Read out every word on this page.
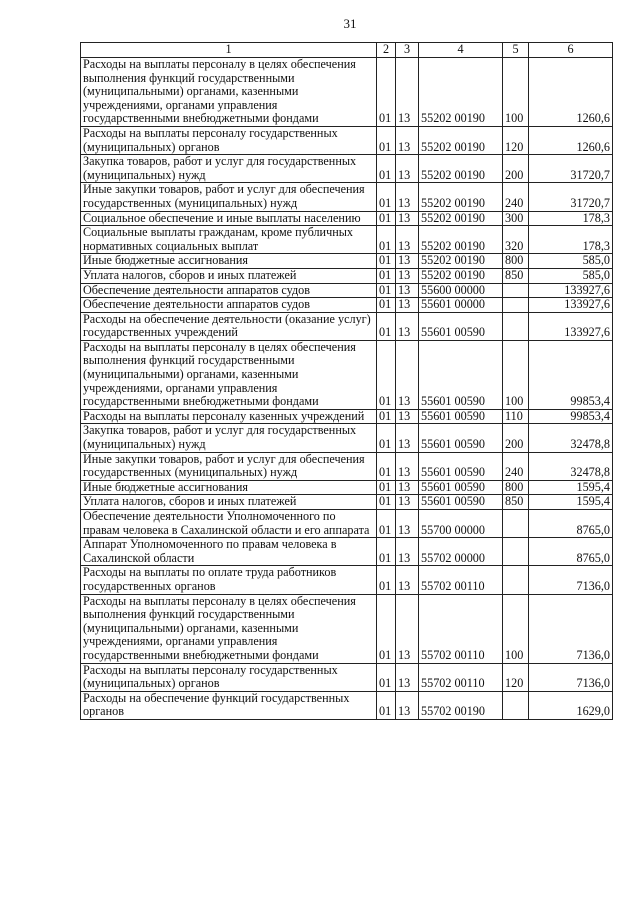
31
1	2	3	4	5	6
Расходы на выплаты персоналу в целях обеспечения выполнения функций государственными (муниципальными) органами, казенными учреждениями, органами управления государственными внебюджетными фондами	01	13	55202 00190	100	1260,6
Расходы на выплаты персоналу государственных (муниципальных) органов	01	13	55202 00190	120	1260,6
Закупка товаров, работ и услуг для государственных (муниципальных) нужд	01	13	55202 00190	200	31720,7
Иные закупки товаров, работ и услуг для обеспечения государственных (муниципальных) нужд	01	13	55202 00190	240	31720,7
Социальное обеспечение и иные выплаты населению	01	13	55202 00190	300	178,3
Социальные выплаты гражданам, кроме публичных нормативных социальных выплат	01	13	55202 00190	320	178,3
Иные бюджетные ассигнования	01	13	55202 00190	800	585,0
Уплата налогов, сборов и иных платежей	01	13	55202 00190	850	585,0
Обеспечение деятельности аппаратов судов	01	13	55600 00000		133927,6
Обеспечение деятельности аппаратов судов	01	13	55601 00000		133927,6
Расходы на обеспечение деятельности (оказание услуг) государственных учреждений	01	13	55601 00590		133927,6
Расходы на выплаты персоналу в целях обеспечения выполнения функций государственными (муниципальными) органами, казенными учреждениями, органами управления государственными внебюджетными фондами	01	13	55601 00590	100	99853,4
Расходы на выплаты персоналу казенных учреждений	01	13	55601 00590	110	99853,4
Закупка товаров, работ и услуг для государственных (муниципальных) нужд	01	13	55601 00590	200	32478,8
Иные закупки товаров, работ и услуг для обеспечения государственных (муниципальных) нужд	01	13	55601 00590	240	32478,8
Иные бюджетные ассигнования	01	13	55601 00590	800	1595,4
Уплата налогов, сборов и иных платежей	01	13	55601 00590	850	1595,4
Обеспечение деятельности Уполномоченного по правам человека в Сахалинской области и его аппарата	01	13	55700 00000		8765,0
Аппарат Уполномоченного по правам человека в Сахалинской области	01	13	55702 00000		8765,0
Расходы на выплаты по оплате труда работников государственных органов	01	13	55702 00110		7136,0
Расходы на выплаты персоналу в целях обеспечения выполнения функций государственными (муниципальными) органами, казенными учреждениями, органами управления государственными внебюджетными фондами	01	13	55702 00110	100	7136,0
Расходы на выплаты персоналу государственных (муниципальных) органов	01	13	55702 00110	120	7136,0
Расходы на обеспечение функций государственных органов	01	13	55702 00190		1629,0
